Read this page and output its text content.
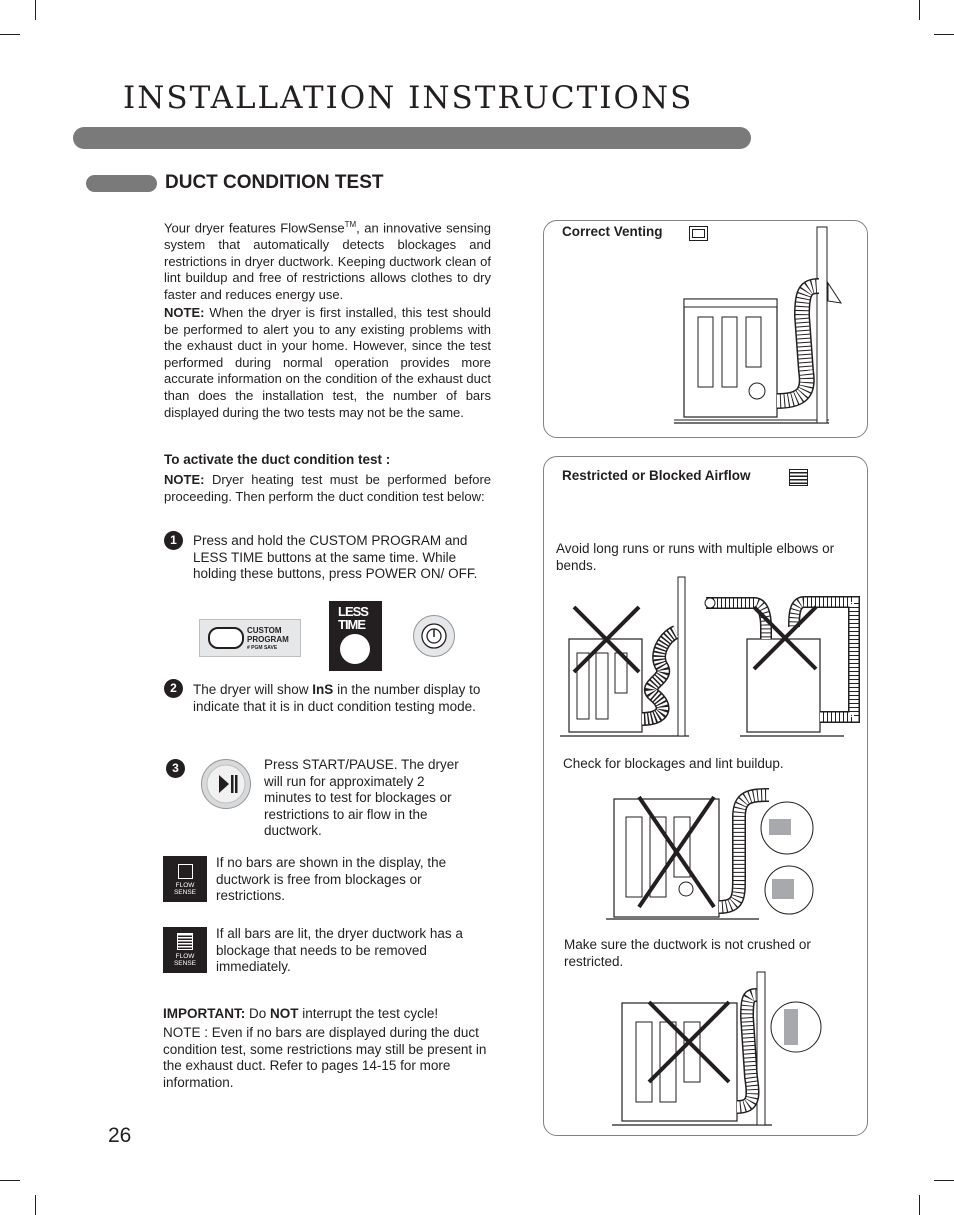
INSTALLATION INSTRUCTIONS
DUCT CONDITION TEST
Your dryer features FlowSense™, an innovative sensing system that automatically detects blockages and restrictions in dryer ductwork. Keeping ductwork clean of lint buildup and free of restrictions allows clothes to dry faster and reduces energy use.
NOTE: When the dryer is first installed, this test should be performed to alert you to any existing problems with the exhaust duct in your home. However, since the test performed during normal operation provides more accurate information on the condition of the exhaust duct than does the installation test, the number of bars displayed during the two tests may not be the same.
To activate the duct condition test :
NOTE: Dryer heating test must be performed before proceeding. Then perform the duct condition test below:
1	Press and hold the CUSTOM PROGRAM and LESS TIME buttons at the same time. While holding these buttons, press POWER ON/ OFF.
CUSTOM
PROGRAM
# PGM SAVE
LESS
TIME
2	The dryer will show InS in the number display to indicate that it is in duct condition testing mode.
3	Press START/PAUSE. The dryer will run for approximately 2 minutes to test for blockages or restrictions to air flow in the ductwork.
FLOW
SENSE
If no bars are shown in the display, the ductwork is free from blockages or restrictions.
FLOW
SENSE
If all bars are lit, the dryer ductwork has a blockage that needs to be removed immediately.
IMPORTANT: Do NOT interrupt the test cycle!
NOTE : Even if no bars are displayed during the duct condition test, some restrictions may still be present in the exhaust duct. Refer to pages 14-15 for more information.
26
Correct Venting
Restricted or Blocked Airflow
Avoid long runs or runs with multiple elbows or bends.
Check for blockages and lint buildup.
Make sure the ductwork is not crushed or restricted.
